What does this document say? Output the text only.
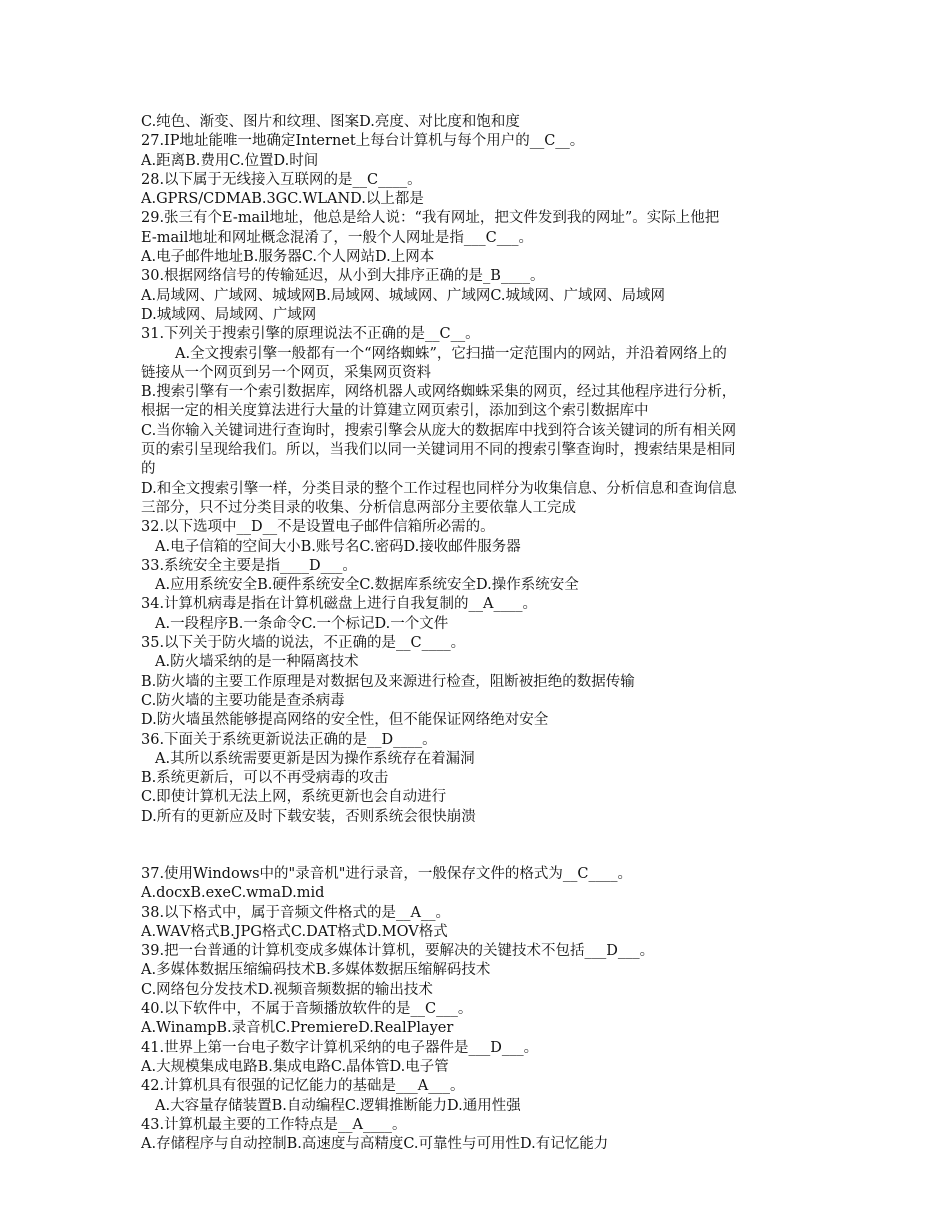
C.纯色、渐变、图片和纹理、图案D.亮度、对比度和饱和度
27.IP地址能唯一地确定Internet上每台计算机与每个用户的__C__。
A.距离B.费用C.位置D.时间
28.以下属于无线接入互联网的是__C____。
A.GPRS/CDMAB.3GC.WLAND.以上都是
29.张三有个E-mail地址，他总是给人说：“我有网址，把文件发到我的网址”。实际上他把
E-mail地址和网址概念混淆了，一般个人网址是指___C___。
A.电子邮件地址B.服务器C.个人网站D.上网本
30.根据网络信号的传输延迟，从小到大排序正确的是_B____。
A.局域网、广域网、城域网B.局域网、城域网、广域网C.城域网、广域网、局域网
D.城域网、局域网、广域网
31.下列关于搜索引擎的原理说法不正确的是__C__。
A.全文搜索引擎一般都有一个“网络蜘蛛”，它扫描一定范围内的网站，并沿着网络上的
链接从一个网页到另一个网页，采集网页资料
B.搜索引擎有一个索引数据库，网络机器人或网络蜘蛛采集的网页，经过其他程序进行分析，
根据一定的相关度算法进行大量的计算建立网页索引，添加到这个索引数据库中
C.当你输入关键词进行查询时，搜索引擎会从庞大的数据库中找到符合该关键词的所有相关网
页的索引呈现给我们。所以，当我们以同一关键词用不同的搜索引擎查询时，搜索结果是相同
的
D.和全文搜索引擎一样，分类目录的整个工作过程也同样分为收集信息、分析信息和查询信息
三部分，只不过分类目录的收集、分析信息两部分主要依靠人工完成
32.以下选项中__D__不是设置电子邮件信箱所必需的。
A.电子信箱的空间大小B.账号名C.密码D.接收邮件服务器
33.系统安全主要是指____D___。
A.应用系统安全B.硬件系统安全C.数据库系统安全D.操作系统安全
34.计算机病毒是指在计算机磁盘上进行自我复制的__A____。
A.一段程序B.一条命令C.一个标记D.一个文件
35.以下关于防火墙的说法，不正确的是__C____。
A.防火墙采纳的是一种隔离技术
B.防火墙的主要工作原理是对数据包及来源进行检查，阻断被拒绝的数据传输
C.防火墙的主要功能是查杀病毒
D.防火墙虽然能够提高网络的安全性，但不能保证网络绝对安全
36.下面关于系统更新说法正确的是__D____。
A.其所以系统需要更新是因为操作系统存在着漏洞
B.系统更新后，可以不再受病毒的攻击
C.即使计算机无法上网，系统更新也会自动进行
D.所有的更新应及时下载安装，否则系统会很快崩溃
37.使用Windows中的"录音机"进行录音，一般保存文件的格式为__C____。
A.docxB.exeC.wmaD.mid
38.以下格式中，属于音频文件格式的是__A__。
A.WAV格式B.JPG格式C.DAT格式D.MOV格式
39.把一台普通的计算机变成多媒体计算机，要解决的关键技术不包括___D___。
A.多媒体数据压缩编码技术B.多媒体数据压缩解码技术
C.网络包分发技术D.视频音频数据的输出技术
40.以下软件中，不属于音频播放软件的是__C___。
A.WinampB.录音机C.PremiereD.RealPlayer
41.世界上第一台电子数字计算机采纳的电子器件是___D___。
A.大规模集成电路B.集成电路C.晶体管D.电子管
42.计算机具有很强的记忆能力的基础是___A___。
A.大容量存储装置B.自动编程C.逻辑推断能力D.通用性强
43.计算机最主要的工作特点是__A____。
A.存储程序与自动控制B.高速度与高精度C.可靠性与可用性D.有记忆能力
